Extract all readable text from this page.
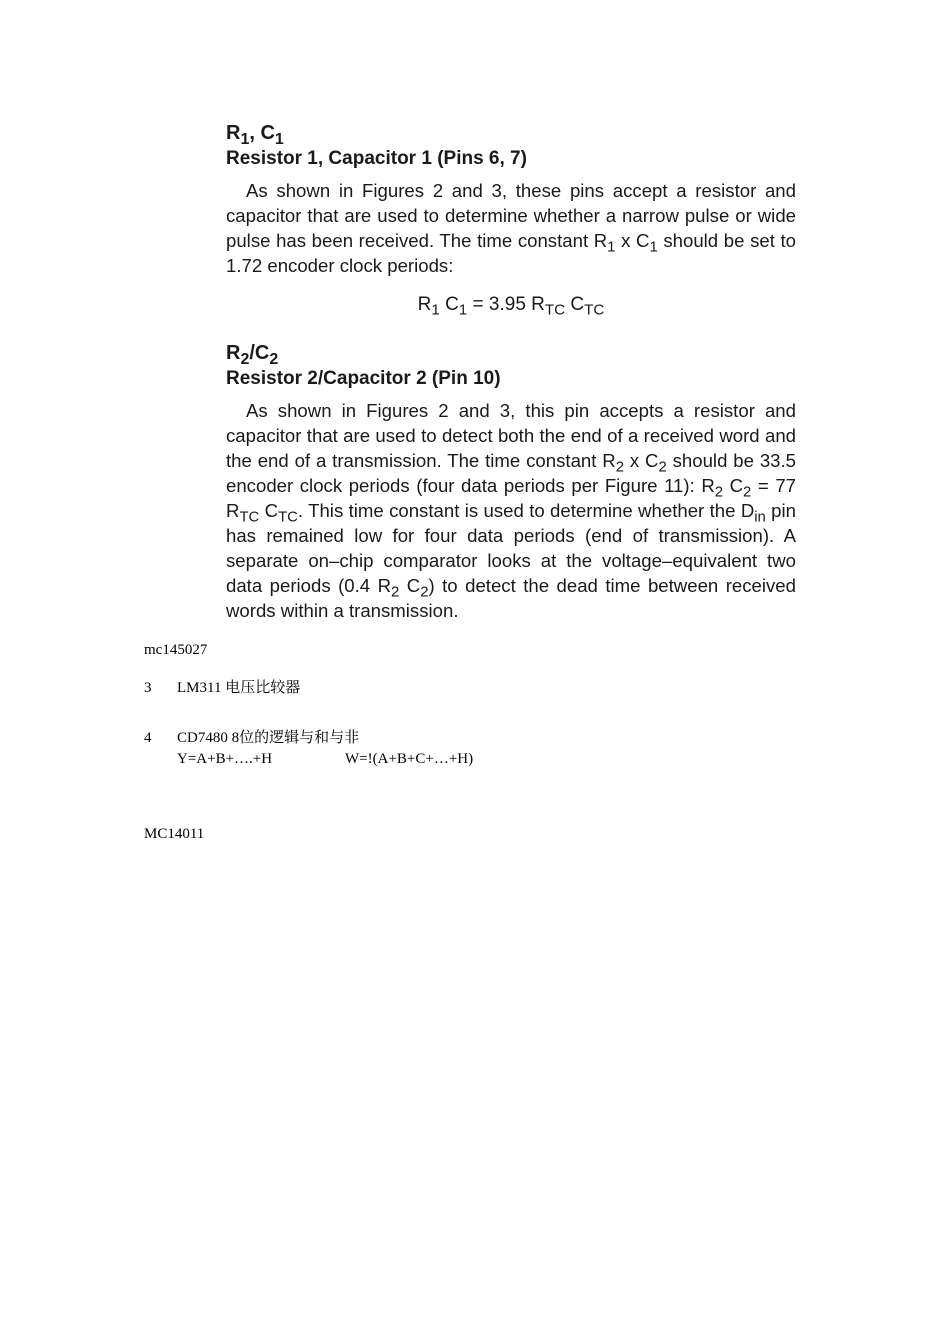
$R_1$, $C_1$
Resistor 1, Capacitor 1 (Pins 6, 7)

As shown in Figures 2 and 3, these pins accept a resistor and capacitor that are used to determine whether a narrow pulse or wide pulse has been received. The time constant $R_1$ x $C_1$ should be set to 1.72 encoder clock periods:

$R_1$ $C_1 = 3.95$ $R_{TC}$ $C_{TC}$
$R_2/C_2$
Resistor 2/Capacitor 2 (Pin 10)

As shown in Figures 2 and 3, this pin accepts a resistor and capacitor that are used to detect both the end of a received word and the end of a transmission. The time constant $R_2$ x $C_2$ should be 33.5 encoder clock periods (four data periods per Figure 11): $R_2$ $C_2 = 77$ $R_{TC}$ $C_{TC}$. This time constant is used to determine whether the $D_{in}$ pin has remained low for four data periods (end of transmission). A separate on–chip comparator looks at the voltage–equivalent two data periods (0.4 $R_2$ $C_2$) to detect the dead time between received words within a transmission.

mc145027
3 LM311 电压比较器
4 CD7480 8位的逻辑与和与非
Y=A+B+….+H	W=!(A+B+C+…+H)
MC14011
